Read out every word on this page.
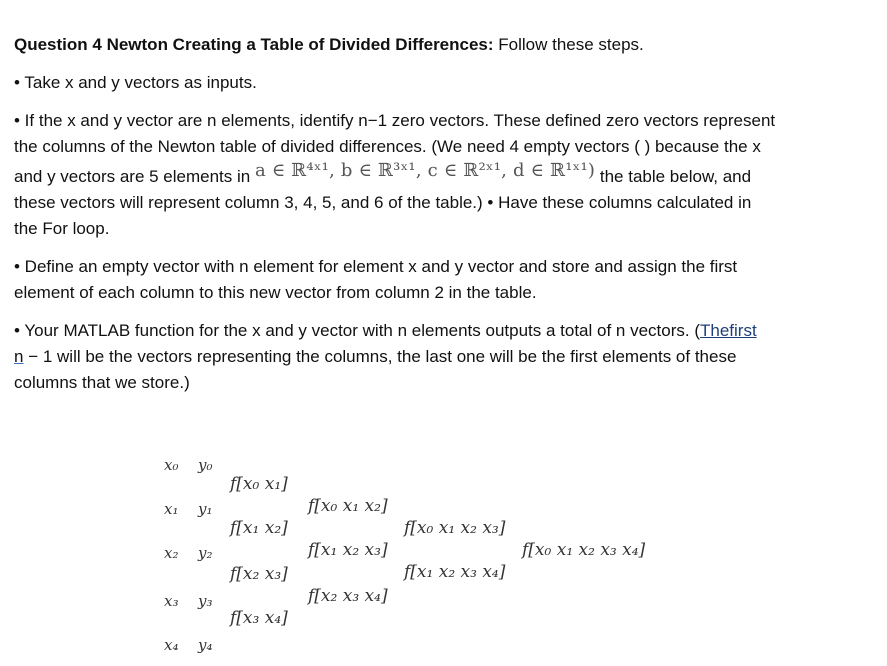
Question 4 Newton Creating a Table of Divided Differences: Follow these steps.

• Take x and y vectors as inputs.

• If the x and y vector are n elements, identify n−1 zero vectors. These defined zero vectors represent
the columns of the Newton table of divided differences. (We need 4 empty vectors ( ) because the x
and y vectors are 5 elements in a ∈ ℝ⁴ˣ¹, b ∈ ℝ³ˣ¹, c ∈ ℝ²ˣ¹, d ∈ ℝ¹ˣ¹) the table below, and
these vectors will represent column 3, 4, 5, and 6 of the table.) • Have these columns calculated in
the For loop.
• Define an empty vector with n element for element x and y vector and store and assign the first
element of each column to this new vector from column 2 in the table.
• Your MATLAB function for the x and y vector with n elements outputs a total of n vectors. (Thefirst
n − 1 will be the vectors representing the columns, the last one will be the first elements of these
columns that we store.)
x₀
x₁
x₂
x₃
x₄
y₀
y₁
y₂
y₃
y₄
f[x₀ x₁]
f[x₁ x₂]
f[x₂ x₃]
f[x₃ x₄]
f[x₀ x₁ x₂]
f[x₁ x₂ x₃]
f[x₂ x₃ x₄]
f[x₀ x₁ x₂ x₃]
f[x₁ x₂ x₃ x₄]
f[x₀ x₁ x₂ x₃ x₄]
